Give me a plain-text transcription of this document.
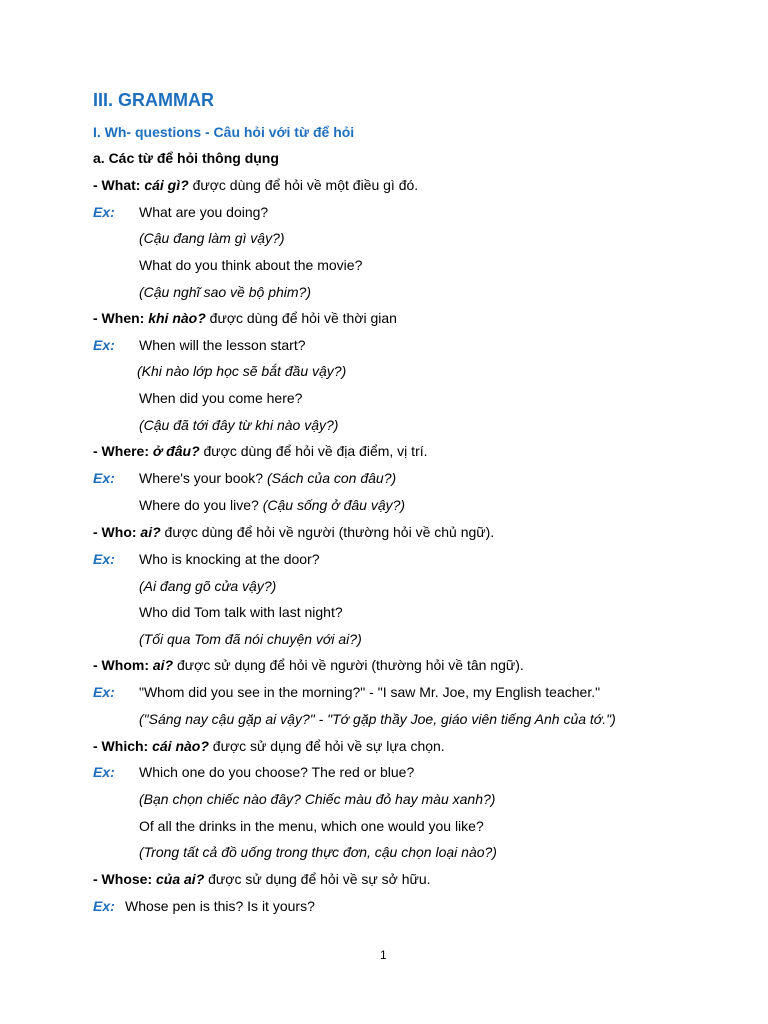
III. GRAMMAR
I. Wh- questions - Câu hỏi với từ để hỏi
a. Các từ để hỏi thông dụng
- What: cái gì? được dùng để hỏi về một điều gì đó.
Ex: What are you doing?
(Cậu đang làm gì vậy?)
What do you think about the movie?
(Cậu nghĩ sao về bộ phim?)
- When: khi nào? được dùng để hỏi về thời gian
Ex: When will the lesson start?
(Khi nào lớp học sẽ bắt đầu vậy?)
When did you come here?
(Cậu đã tới đây từ khi nào vậy?)
- Where: ở đâu? được dùng để hỏi về địa điểm, vị trí.
Ex: Where's your book? (Sách của con đâu?)
Where do you live? (Cậu sống ở đâu vậy?)
- Who: ai? được dùng để hỏi về người (thường hỏi về chủ ngữ).
Ex: Who is knocking at the door?
(Ai đang gõ cửa vậy?)
Who did Tom talk with last night?
(Tối qua Tom đã nói chuyện với ai?)
- Whom: ai? được sử dụng để hỏi về người (thường hỏi về tân ngữ).
Ex: "Whom did you see in the morning?" - "I saw Mr. Joe, my English teacher."
("Sáng nay cậu gặp ai vậy?" - "Tớ gặp thầy Joe, giáo viên tiếng Anh của tớ.")
- Which: cái nào? được sử dụng để hỏi về sự lựa chọn.
Ex: Which one do you choose? The red or blue?
(Bạn chọn chiếc nào đây? Chiếc màu đỏ hay màu xanh?)
Of all the drinks in the menu, which one would you like?
(Trong tất cả đồ uống trong thực đơn, cậu chọn loại nào?)
- Whose: của ai? được sử dụng để hỏi về sự sở hữu.
Ex: Whose pen is this? Is it yours?
1
